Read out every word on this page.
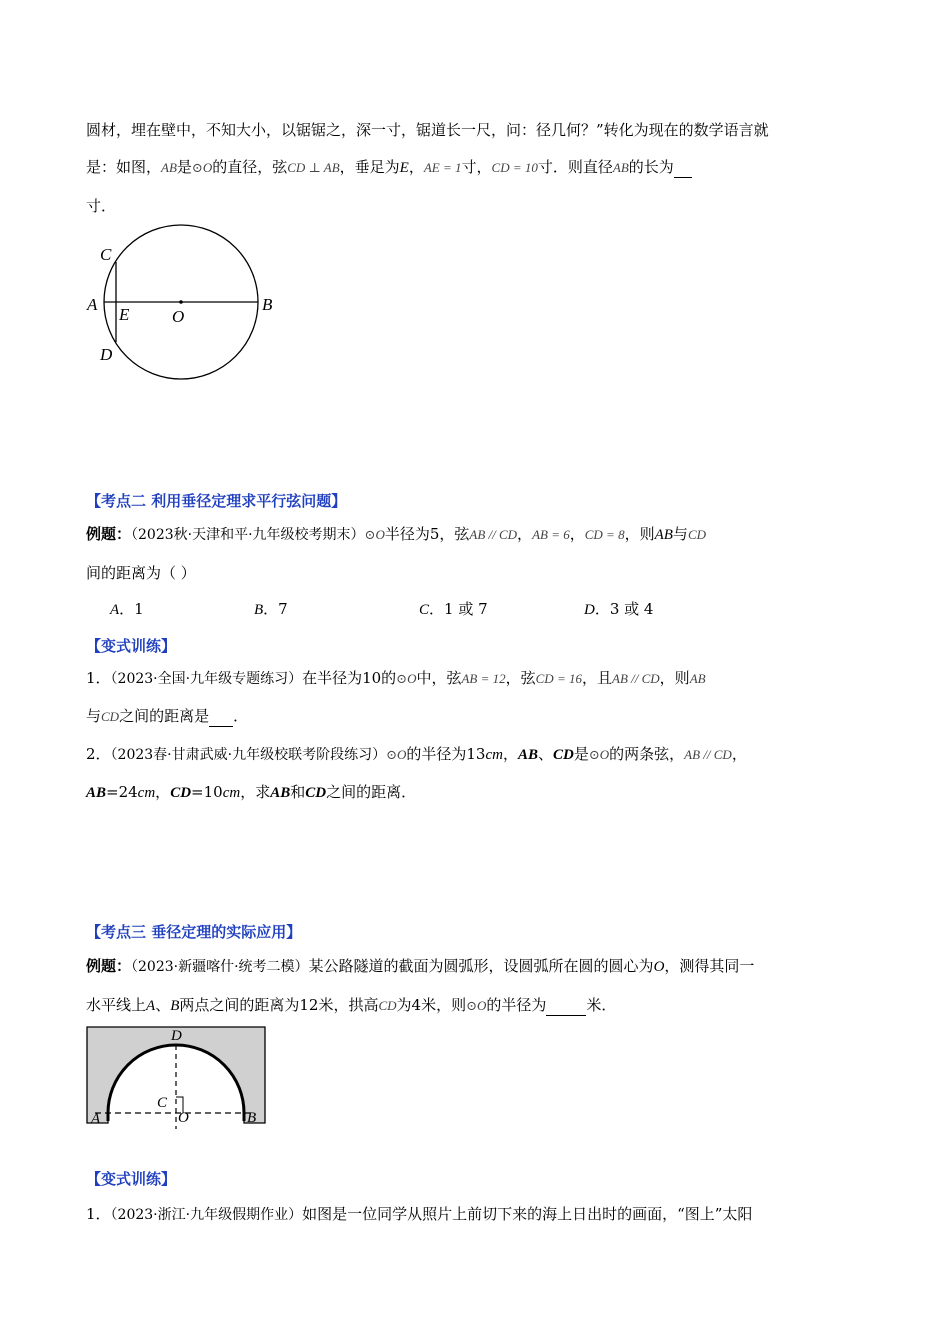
圆材，埋在壁中，不知大小，以锯锯之，深一寸，锯道长一尺，问：径几何？”转化为现在的数学语言就
是：如图，AB是⊙O的直径，弦CD ⊥ AB，垂足为E，AE = 1寸，CD = 10寸．则直径AB的长为
寸．
C
A
E	O
B
D
【考点二 利用垂径定理求平行弦问题】
例题：（2023秋·天津和平·九年级校考期末）⊙O半径为5，弦AB // CD，AB = 6，CD = 8，则AB与CD
间的距离为（ ）
A．1	B．7	C．1 或 7	D．3 或 4
【变式训练】
1．（2023·全国·九年级专题练习）在半径为10的⊙O中，弦AB = 12，弦CD = 16，且AB // CD，则AB
与CD之间的距离是 ．
2．（2023春·甘肃武威·九年级校联考阶段练习）⊙O的半径为13cm，AB、CD是⊙O的两条弦，AB // CD，
AB=24cm，CD=10cm，求AB和CD之间的距离．
【考点三 垂径定理的实际应用】
例题：（2023·新疆喀什·统考二模）某公路隧道的截面为圆弧形，设圆弧所在圆的圆心为O，测得其同一
水平线上A、B两点之间的距离为12米，拱高CD为4米，则⊙O的半径为	米．
D
C
A	B
O
【变式训练】
1．（2023·浙江·九年级假期作业）如图是一位同学从照片上前切下来的海上日出时的画面，“图上”太阳
